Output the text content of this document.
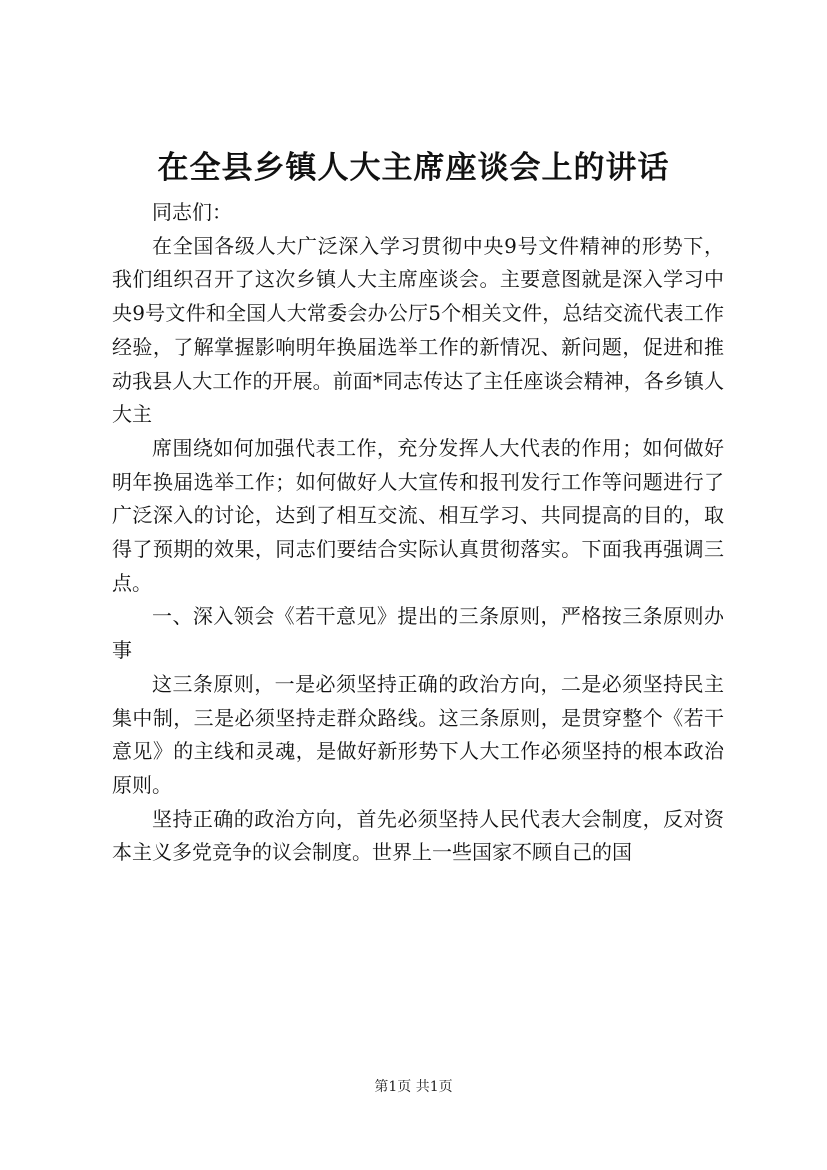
在全县乡镇人大主席座谈会上的讲话

同志们：

在全国各级人大广泛深入学习贯彻中央9号文件精神的形势下，我们组织召开了这次乡镇人大主席座谈会。主要意图就是深入学习中央9号文件和全国人大常委会办公厅5个相关文件，总结交流代表工作经验，了解掌握影响明年换届选举工作的新情况、新问题，促进和推动我县人大工作的开展。前面*同志传达了主任座谈会精神，各乡镇人大主

席围绕如何加强代表工作，充分发挥人大代表的作用；如何做好明年换届选举工作；如何做好人大宣传和报刊发行工作等问题进行了广泛深入的讨论，达到了相互交流、相互学习、共同提高的目的，取得了预期的效果，同志们要结合实际认真贯彻落实。下面我再强调三点。

一、深入领会《若干意见》提出的三条原则，严格按三条原则办事

这三条原则，一是必须坚持正确的政治方向，二是必须坚持民主集中制，三是必须坚持走群众路线。这三条原则，是贯穿整个《若干意见》的主线和灵魂，是做好新形势下人大工作必须坚持的根本政治原则。

坚持正确的政治方向，首先必须坚持人民代表大会制度，反对资本主义多党竞争的议会制度。世界上一些国家不顾自己的国

第1页 共1页
